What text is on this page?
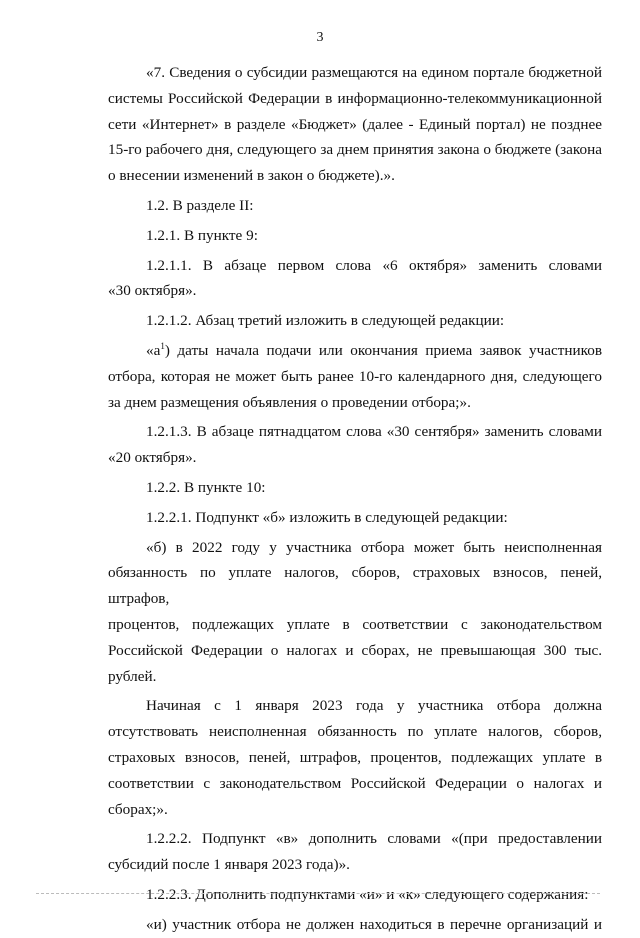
3

«7. Сведения о субсидии размещаются на едином портале бюджетной

системы Российской Федерации в информационно-телекоммуникационной

сети «Интернет» в разделе «Бюджет» (далее - Единый портал) не позднее

15-го рабочего дня, следующего за днем принятия закона о бюджете (закона

о внесении изменений в закон о бюджете).».

1.2. В разделе II:

1.2.1. В пункте 9:

1.2.1.1. В абзаце первом слова «6 октября» заменить словами

«30 октября».

1.2.1.2. Абзац третий изложить в следующей редакции:

«$а^1$) даты начала подачи или окончания приема заявок участников

отбора, которая не может быть ранее 10-го календарного дня, следующего

за днем размещения объявления о проведении отбора;».

1.2.1.3. В абзаце пятнадцатом слова «30 сентября» заменить словами

«20 октября».

1.2.2. В пункте 10:

1.2.2.1. Подпункт «б» изложить в следующей редакции:

«б) в 2022 году у участника отбора может быть неисполненная

обязанность по уплате налогов, сборов, страховых взносов, пеней, штрафов,

процентов, подлежащих уплате в соответствии с законодательством

Российской Федерации о налогах и сборах, не превышающая 300 тыс.

рублей.

Начиная с 1 января 2023 года у участника отбора должна

отсутствовать неисполненная обязанность по уплате налогов, сборов,

страховых взносов, пеней, штрафов, процентов, подлежащих уплате в

соответствии с законодательством Российской Федерации о налогах и

сборах;».

1.2.2.2. Подпункт «в» дополнить словами «(при предоставлении

субсидий после 1 января 2023 года)».

1.2.2.3. Дополнить подпунктами «и» и «к» следующего содержания:

«и) участник отбора не должен находиться в перечне организаций и
